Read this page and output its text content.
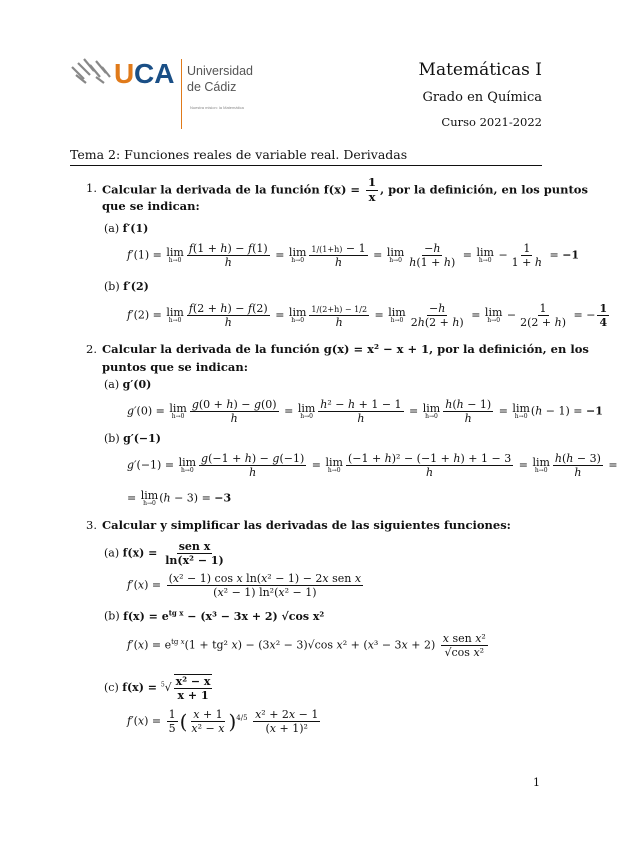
U CA Universidad
de Cádiz
Nuestra mision: la Matemática
Matemáticas I
Grado en Química
Curso 2021-2022
Tema 2: Funciones reales de variable real. Derivadas
1. Calcular la derivada de la función $f(x) = \frac{1}{x}$ , por la definición, en los puntos
que se indican:
(a) f′(1)
f′(1) = lim
$h\to 0 \frac{f(1 + h) - f(1)}{h} = \lim$
$h\to 0 \frac{1/(1+h) - 1}{h} = \lim$
$h\to 0 \frac{-h}{h(1 + h)} = \lim$
$h\to 0 - \frac{1}{1 + h} = -1$
(b) f′(2)
f′(2) = lim
$h\to 0 \frac{f(2 + h) - f(2)}{h} = \lim$
$h\to 0 \frac{1/(2+h) - 1/2}{h} = \lim$
$h\to 0 \frac{-h}{2h(2 + h)} = \lim$
$h\to 0 - \frac{1}{2(2 + h)}$ = − $\frac{1}{4}$
2. Calcular la derivada de la función g(x) = x² − x + 1, por la definición, en los
puntos que se indican:
(a) g′(0)
g′(0) = lim
$h\to 0 \frac{g(0 + h) - g(0)}{h} = \lim$
$h\to 0 \frac{\text{h² − h + 1 − 1}}{h} = \lim$
$h\to 0 \frac{h(h - 1)}{h} = \lim$
h→0 (h − 1) = −1
(b) g′(−1)
g′(−1) = lim
$h\to 0 \frac{g(-1 + h) - g(-1)}{h} = \lim$
$h\to 0 \frac{\text{(−1 + h)² − (−1 + h) + 1 − 3}}{h} = \lim$
$h\to 0 \frac{h(h - 3)}{h}$ =
= lim
h→0 (h − 3) = −3
3. Calcular y simplificar las derivadas de las siguientes funciones:
(a) f(x) =
sen x
ln(x² − 1)
f′(x) =
(x² − 1) cos x ln(x² − 1) − 2x sen x
(x² − 1) ln²(x² − 1)
(b) $f(x) = e^{tg x} - (x^3 - 3x + 2)$ √cos x²
$f'(x) = e^{tg x}(1 + tg^2$ x) − (3x² − 3)√cos x² + (x³ − 3x + 2)
x sen x²
√cos x²
(c) $f(x) = ^5√ \frac{\text{x² − x}}{x + 1}$
$f'(x) = \frac{1}{5}$ ( $\frac{x + 1}{\text{x² − x}} )^{4/5} \frac{\text{x² + 2x − 1}}{\text{(x + 1)²}}$
1
